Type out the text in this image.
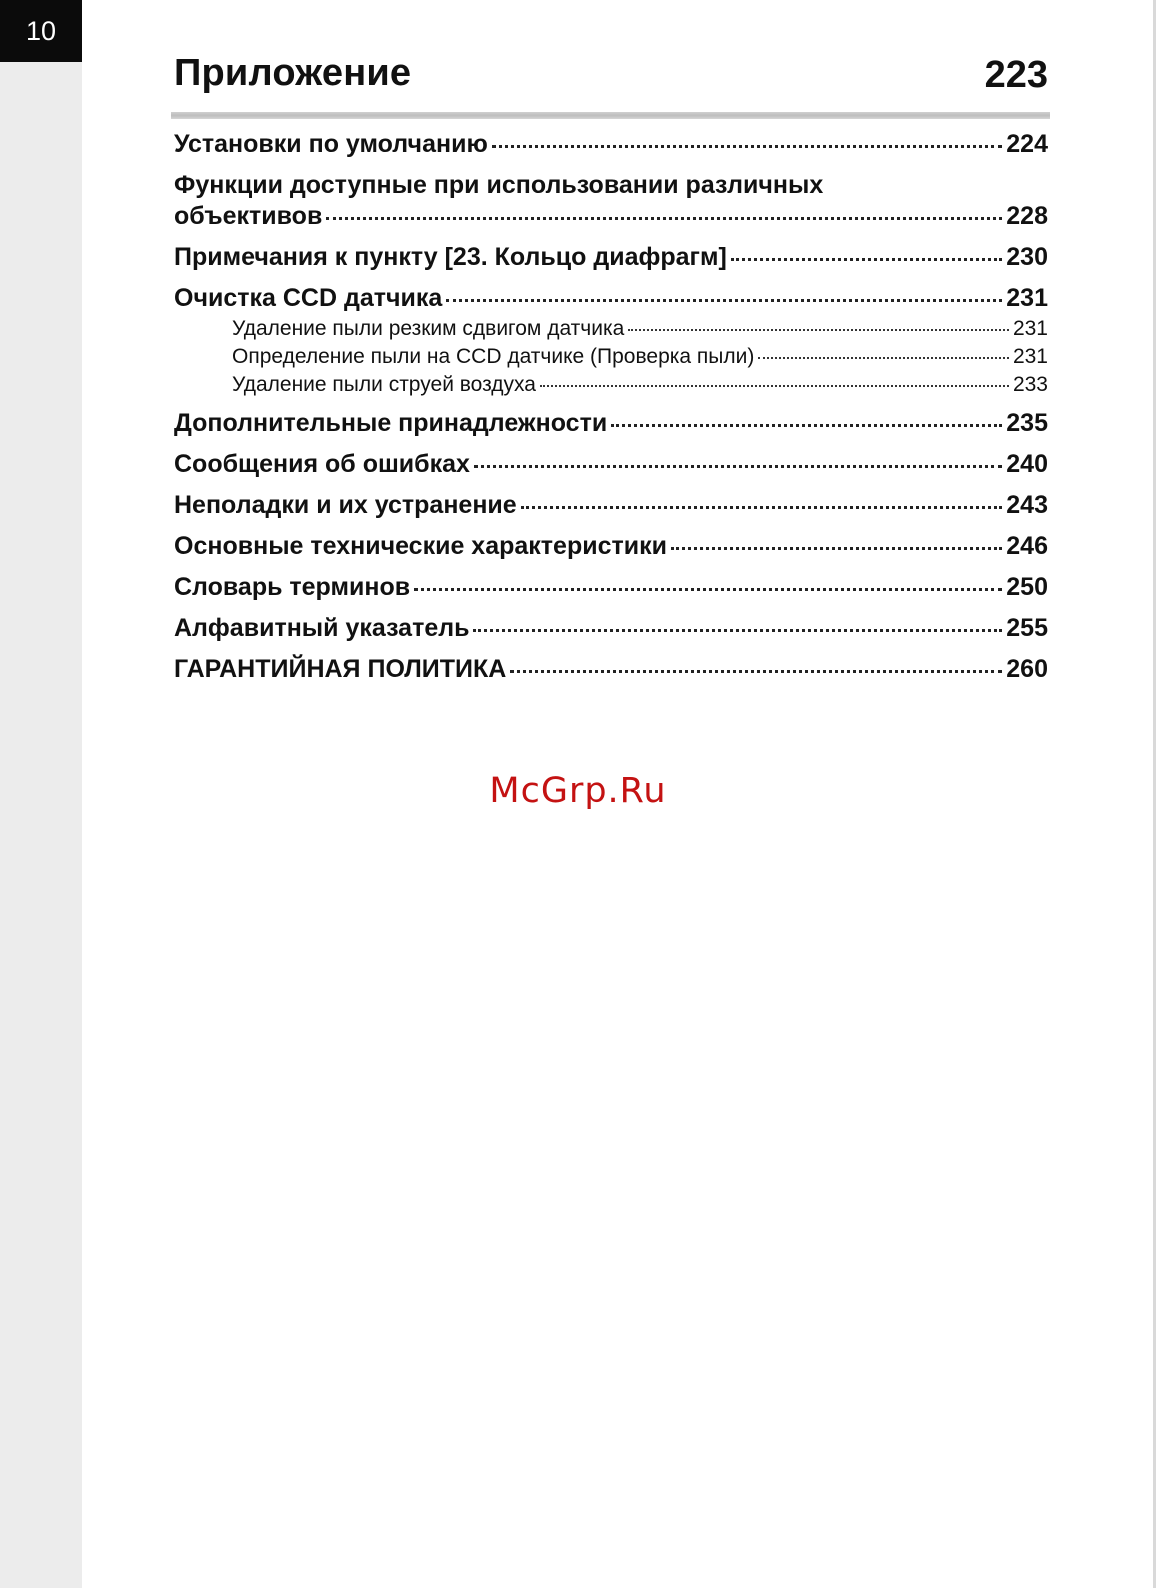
10
Приложение	223
Установки по умолчанию	224
Функции доступные при использовании различных
объективов	228
Примечания к пункту [23. Кольцо диафрагм]	230
Очистка CCD датчика	231
Удаление пыли резким сдвигом датчика	231
Определение пыли на CCD датчике (Проверка пыли)	231
Удаление пыли струей воздуха	233
Дополнительные принадлежности	235
Сообщения об ошибках	240
Неполадки и их устранение	243
Основные технические характеристики	246
Словарь терминов	250
Алфавитный указатель	255
ГАРАНТИЙНАЯ ПОЛИТИКА	260
McGrp.Ru
